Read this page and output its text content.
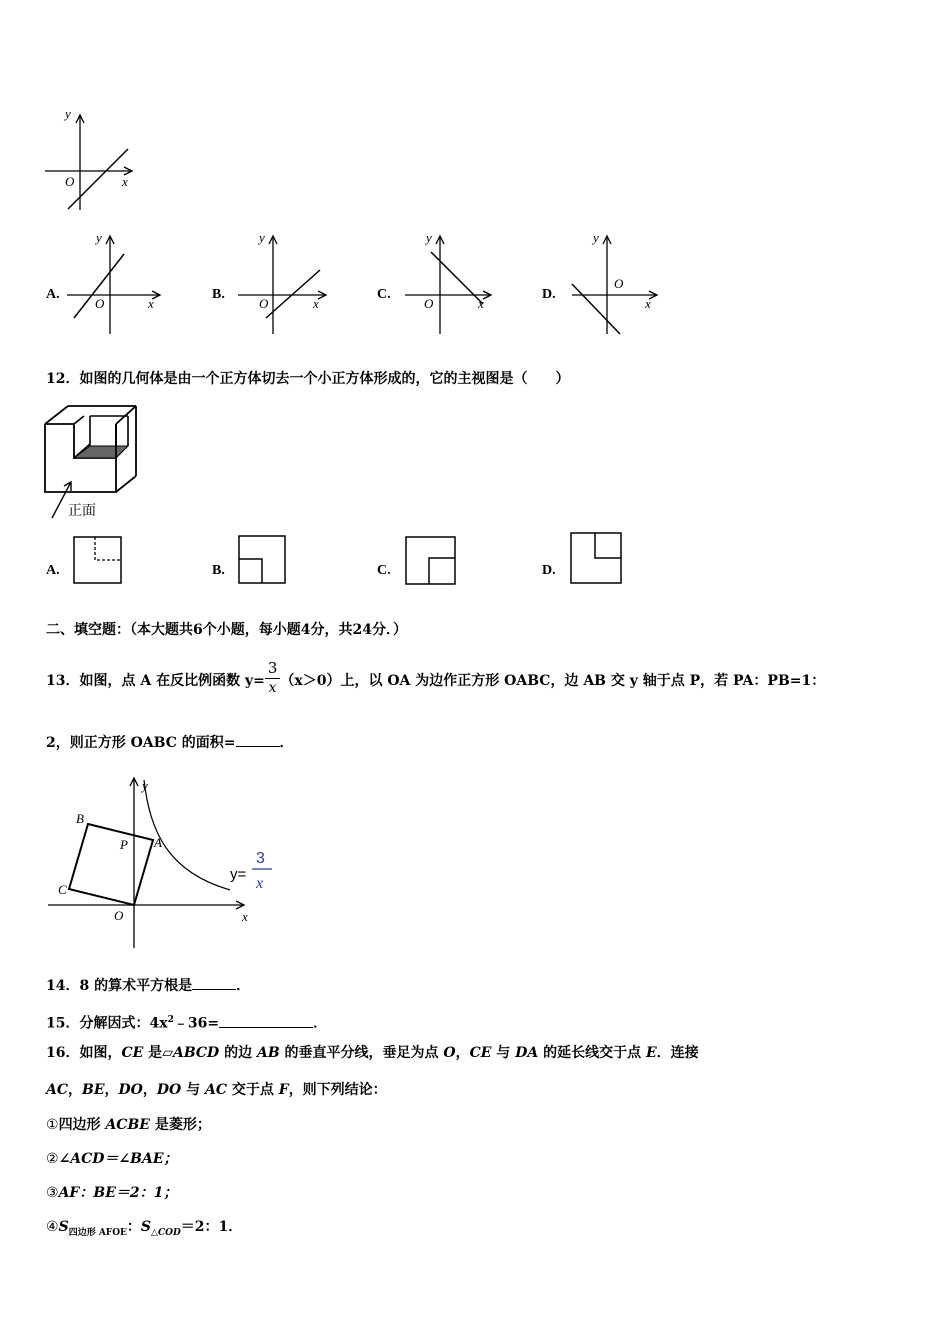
y
x
O
A.
y
x
O
B.
y
x
O
C.
y
x
O
D.
y
x
O
12．如图的几何体是由一个正方体切去一个小正方体形成的，它的主视图是（　　）
正面
A.	B.	C.	D.
二、填空题：（本大题共6个小题，每小题4分，共24分．）
13．如图，点 A 在反比例函数 $y= \frac{3}{x} (x>0)$上，以 OA 为边作正方形 OABC，边 AB 交 y 轴于点 P，若 PA：PB=1：
2，则正方形 OABC 的面积=	．
B
P A
C
O
y
x
y=
3
x
14．8 的算术平方根是	．
15．分解因式：$4x^2﹣36=$	．
16．如图，CE 是▱ABCD 的边 AB 的垂直平分线，垂足为点 O，CE 与 DA 的延长线交于点 E．连接
AC，BE，DO，DO 与 AC 交于点 F，则下列结论：
①四边形 ACBE 是菱形；
②∠ACD＝∠BAE；
③AF：BE＝2：1；
$④S_{四边形 AFOE}$：$S_{\triangle COD}=2$：1．
